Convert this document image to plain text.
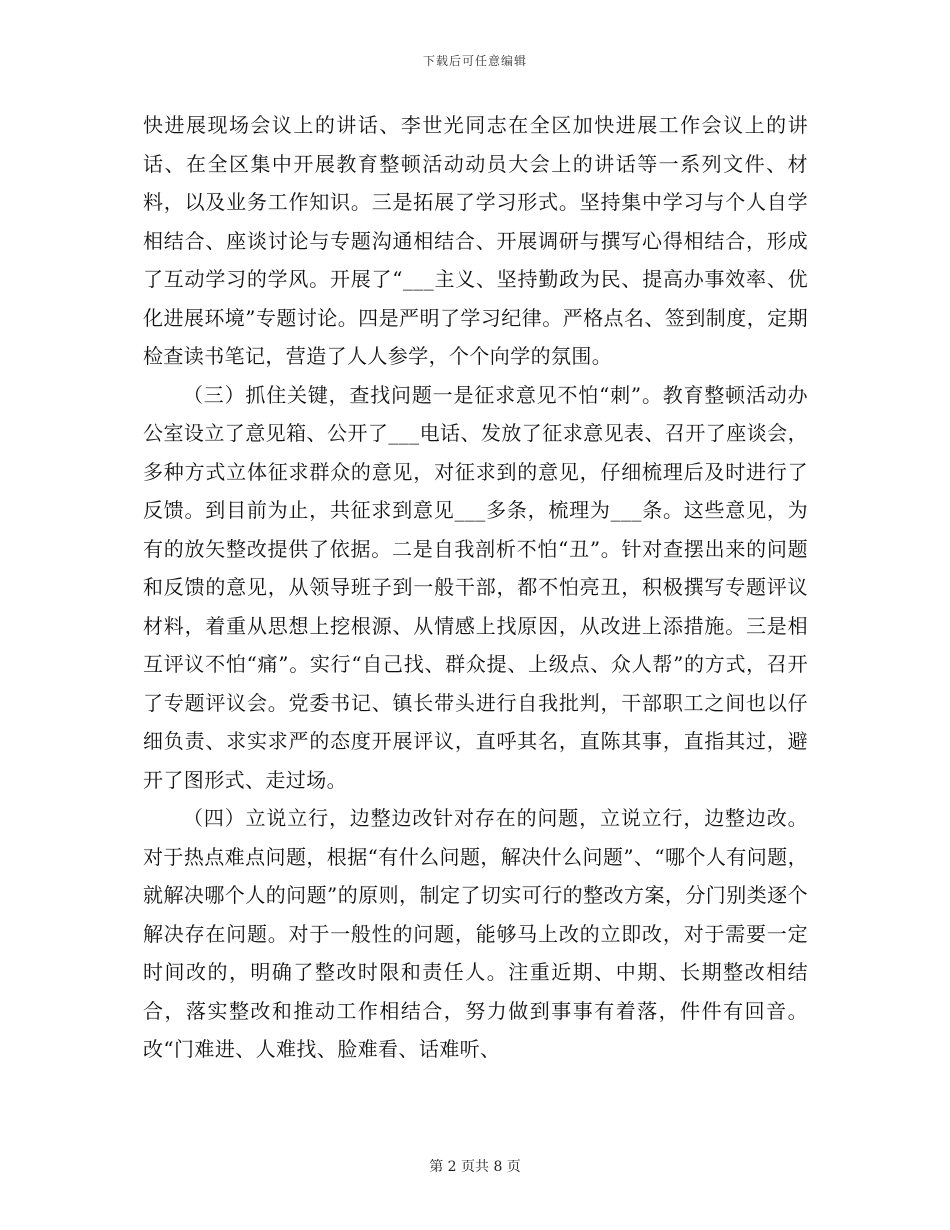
下载后可任意编辑

快进展现场会议上的讲话、李世光同志在全区加快进展工作会议上的讲话、在全区集中开展教育整顿活动动员大会上的讲话等一系列文件、材料，以及业务工作知识。三是拓展了学习形式。坚持集中学习与个人自学相结合、座谈讨论与专题沟通相结合、开展调研与撰写心得相结合，形成了互动学习的学风。开展了“___主义、坚持勤政为民、提高办事效率、优化进展环境”专题讨论。四是严明了学习纪律。严格点名、签到制度，定期检查读书笔记，营造了人人参学，个个向学的氛围。

（三）抓住关键，查找问题一是征求意见不怕“刺”。教育整顿活动办公室设立了意见箱、公开了___电话、发放了征求意见表、召开了座谈会，多种方式立体征求群众的意见，对征求到的意见，仔细梳理后及时进行了反馈。到目前为止，共征求到意见___多条，梳理为___条。这些意见，为有的放矢整改提供了依据。二是自我剖析不怕“丑”。针对查摆出来的问题和反馈的意见，从领导班子到一般干部，都不怕亮丑，积极撰写专题评议材料，着重从思想上挖根源、从情感上找原因，从改进上添措施。三是相互评议不怕“痛”。实行“自己找、群众提、上级点、众人帮”的方式，召开了专题评议会。党委书记、镇长带头进行自我批判，干部职工之间也以仔细负责、求实求严的态度开展评议，直呼其名，直陈其事，直指其过，避开了图形式、走过场。

（四）立说立行，边整边改针对存在的问题，立说立行，边整边改。对于热点难点问题，根据“有什么问题，解决什么问题”、“哪个人有问题，就解决哪个人的问题”的原则，制定了切实可行的整改方案，分门别类逐个解决存在问题。对于一般性的问题，能够马上改的立即改，对于需要一定时间改的，明确了整改时限和责任人。注重近期、中期、长期整改相结合，落实整改和推动工作相结合，努力做到事事有着落，件件有回音。改“门难进、人难找、脸难看、话难听、

第 2 页共 8 页
